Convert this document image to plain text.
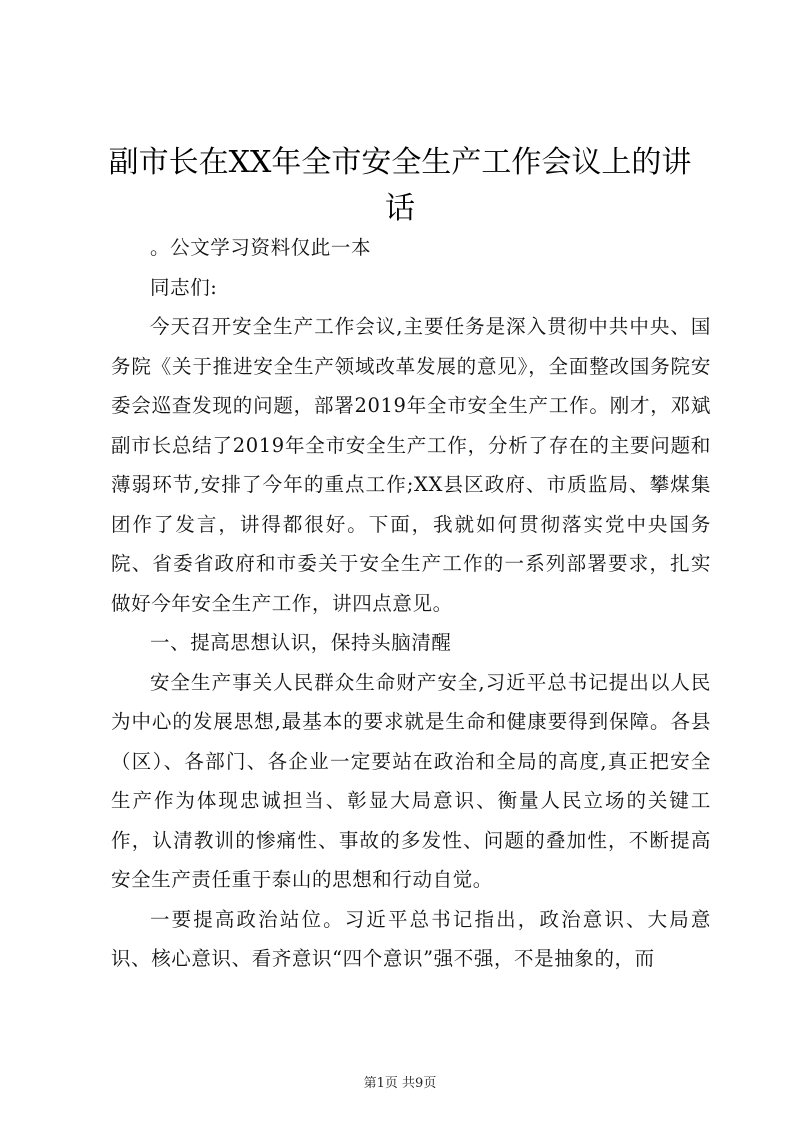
副市长在XX年全市安全生产工作会议上的讲话

。公文学习资料仅此一本

同志们:

今天召开安全生产工作会议,主要任务是深入贯彻中共中央、国务院《关于推进安全生产领域改革发展的意见》，全面整改国务院安委会巡查发现的问题，部署2019年全市安全生产工作。刚才，邓斌副市长总结了2019年全市安全生产工作，分析了存在的主要问题和薄弱环节,安排了今年的重点工作;XX县区政府、市质监局、攀煤集团作了发言，讲得都很好。下面，我就如何贯彻落实党中央国务院、省委省政府和市委关于安全生产工作的一系列部署要求，扎实做好今年安全生产工作，讲四点意见。

一、提高思想认识，保持头脑清醒

安全生产事关人民群众生命财产安全,习近平总书记提出以人民为中心的发展思想,最基本的要求就是生命和健康要得到保障。各县（区）、各部门、各企业一定要站在政治和全局的高度,真正把安全生产作为体现忠诚担当、彰显大局意识、衡量人民立场的关键工作，认清教训的惨痛性、事故的多发性、问题的叠加性，不断提高安全生产责任重于泰山的思想和行动自觉。

一要提高政治站位。习近平总书记指出，政治意识、大局意识、核心意识、看齐意识“四个意识”强不强，不是抽象的，而

第1页 共9页
